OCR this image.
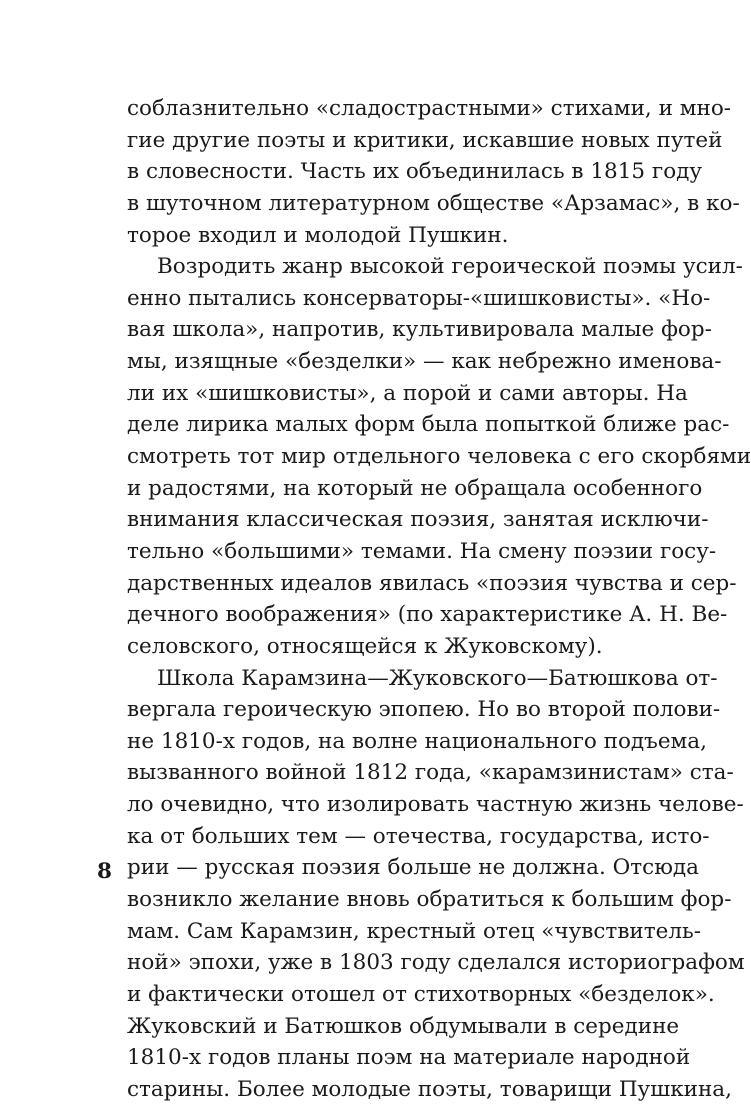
соблазнительно «сладострастными» стихами, и мно-
гие другие поэты и критики, искавшие новых путей
в словесности. Часть их объединилась в 1815 году
в шуточном литературном обществе «Арзамас», в ко-
торое входил и молодой Пушкин.
Возродить жанр высокой героической поэмы усил-
енно пытались консерваторы-«шишковисты». «Но-
вая школа», напротив, культивировала малые фор-
мы, изящные «безделки» — как небрежно именова-
ли их «шишковисты», а порой и сами авторы. На
деле лирика малых форм была попыткой ближе рас-
смотреть тот мир отдельного человека с его скорбями
и радостями, на который не обращала особенного
внимания классическая поэзия, занятая исключи-
тельно «большими» темами. На смену поэзии госу-
дарственных идеалов явилась «поэзия чувства и сер-
дечного воображения» (по характеристике А. Н. Ве-
селовского, относящейся к Жуковскому).
Школа Карамзина—Жуковского—Батюшкова от-
вергала героическую эпопею. Но во второй полови-
не 1810-х годов, на волне национального подъема,
вызванного войной 1812 года, «карамзинистам» ста-
ло очевидно, что изолировать частную жизнь челове-
ка от больших тем — отечества, государства, исто-
рии — русская поэзия больше не должна. Отсюда
возникло желание вновь обратиться к большим фор-
мам. Сам Карамзин, крестный отец «чувствитель-
ной» эпохи, уже в 1803 году сделался историографом
и фактически отошел от стихотворных «безделок».
Жуковский и Батюшков обдумывали в середине
1810-х годов планы поэм на материале народной
старины. Более молодые поэты, товарищи Пушкина,
8
